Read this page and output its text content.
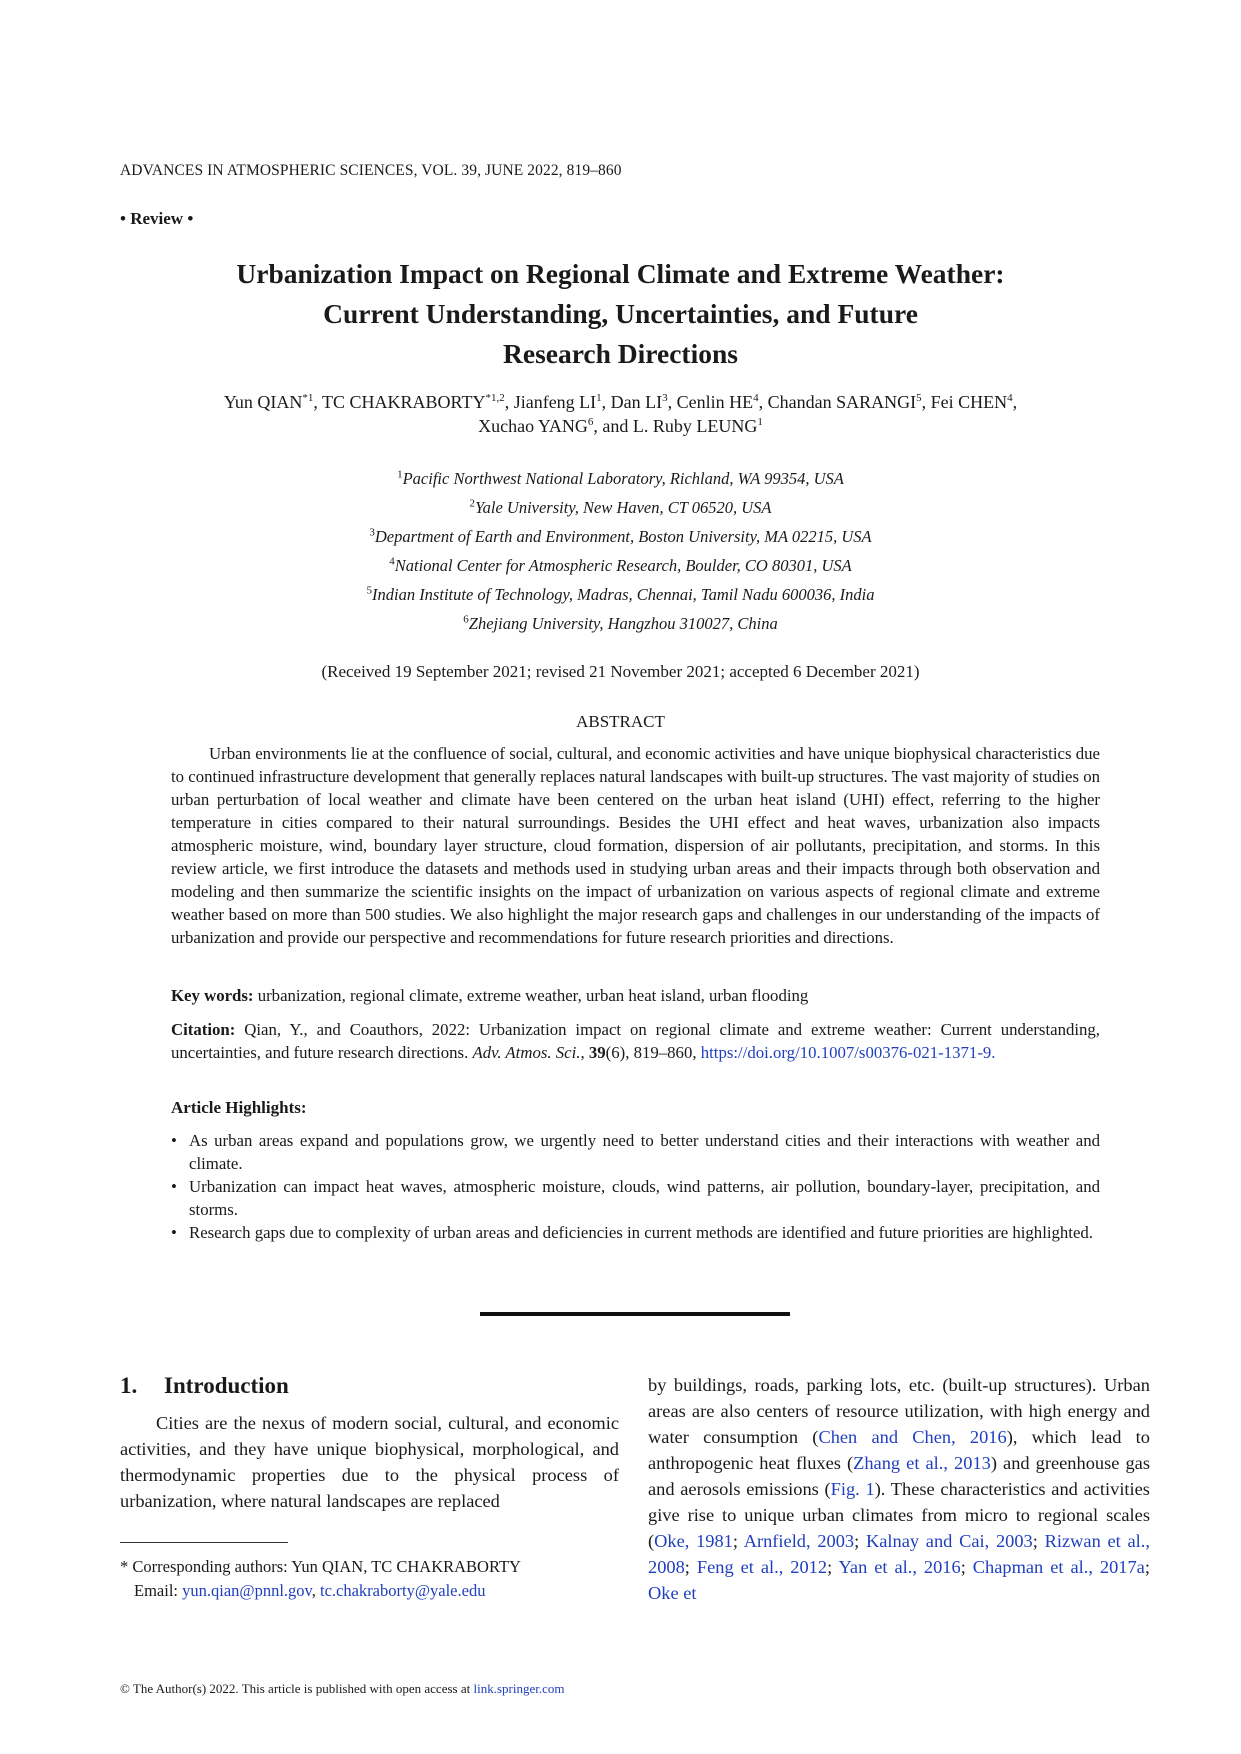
ADVANCES IN ATMOSPHERIC SCIENCES, VOL. 39, JUNE 2022, 819–860
• Review •
Urbanization Impact on Regional Climate and Extreme Weather:
Current Understanding, Uncertainties, and Future
Research Directions
Yun QIAN$^{*1}$, TC CHAKRABORTY$^{*1,2}$, Jianfeng $LI^1$, Dan $LI^3$, Cenlin $HE^4$, Chandan SARANGI$^5$, Fei CHEN$^4$,
Xuchao YANG$^6$, and L. Ruby LEUNG$^1$
$^1$Pacific Northwest National Laboratory, Richland, WA 99354, USA
$^2$Yale University, New Haven, CT 06520, USA
$^3$Department of Earth and Environment, Boston University, MA 02215, USA
$^4$National Center for Atmospheric Research, Boulder, CO 80301, USA
$^5$Indian Institute of Technology, Madras, Chennai, Tamil Nadu 600036, India
$^6$Zhejiang University, Hangzhou 310027, China
(Received 19 September 2021; revised 21 November 2021; accepted 6 December 2021)
ABSTRACT

Urban environments lie at the confluence of social, cultural, and economic activities and have unique biophysical characteristics due to continued infrastructure development that generally replaces natural landscapes with built-up structures. The vast majority of studies on urban perturbation of local weather and climate have been centered on the urban heat island (UHI) effect, referring to the higher temperature in cities compared to their natural surroundings. Besides the UHI effect and heat waves, urbanization also impacts atmospheric moisture, wind, boundary layer structure, cloud formation, dispersion of air pollutants, precipitation, and storms. In this review article, we first introduce the datasets and methods used in studying urban areas and their impacts through both observation and modeling and then summarize the scientific insights on the impact of urbanization on various aspects of regional climate and extreme weather based on more than 500 studies. We also highlight the major research gaps and challenges in our understanding of the impacts of urbanization and provide our perspective and recommendations for future research priorities and directions.

Key words: urbanization, regional climate, extreme weather, urban heat island, urban flooding
Citation: Qian, Y., and Coauthors, 2022: Urbanization impact on regional climate and extreme weather: Current understanding, uncertainties, and future research directions. Adv. Atmos. Sci., 39(6), 819–860, https://doi.org/10.1007/s00376-021-1371-9.
Article Highlights:
• As urban areas expand and populations grow, we urgently need to better understand cities and their interactions with weather and climate.
• Urbanization can impact heat waves, atmospheric moisture, clouds, wind patterns, air pollution, boundary-layer, precipitation, and storms.
• Research gaps due to complexity of urban areas and deficiencies in current methods are identified and future priorities are highlighted.
1. Introduction

Cities are the nexus of modern social, cultural, and economic activities, and they have unique biophysical, morphological, and thermodynamic properties due to the physical process of urbanization, where natural landscapes are replaced

by buildings, roads, parking lots, etc. (built-up structures). Urban areas are also centers of resource utilization, with high energy and water consumption (Chen and Chen, 2016), which lead to anthropogenic heat fluxes (Zhang et al., 2013) and greenhouse gas and aerosols emissions (Fig. 1). These characteristics and activities give rise to unique urban climates from micro to regional scales (Oke, 1981; Arnfield, 2003; Kalnay and Cai, 2003; Rizwan et al., 2008; Feng et al., 2012; Yan et al., 2016; Chapman et al., 2017a; Oke et

* Corresponding authors: Yun QIAN, TC CHAKRABORTY
Email: yun.qian@pnnl.gov, tc.chakraborty@yale.edu
© The Author(s) 2022. This article is published with open access at link.springer.com
